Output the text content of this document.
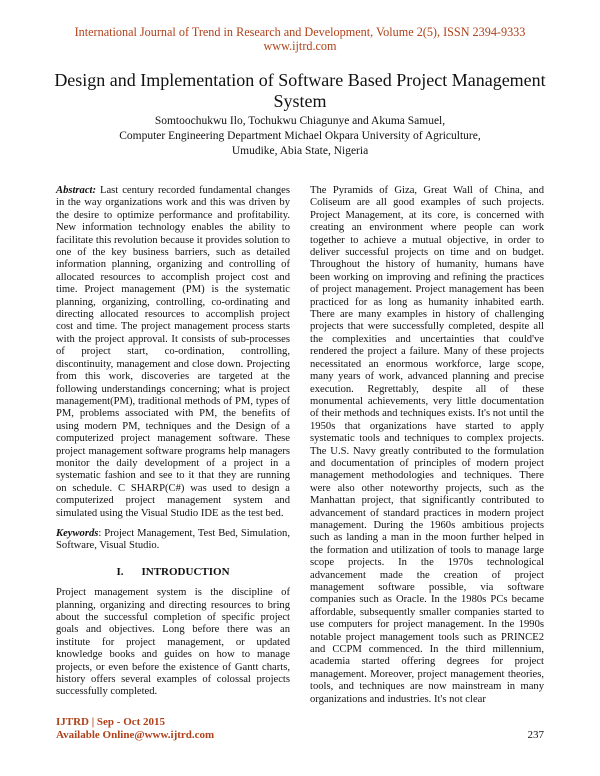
International Journal of Trend in Research and Development, Volume 2(5), ISSN 2394-9333
www.ijtrd.com
Design and Implementation of Software Based Project Management System
Somtoochukwu Ilo, Tochukwu Chiagunye and Akuma Samuel,
Computer Engineering Department Michael Okpara University of Agriculture,
Umudike, Abia State, Nigeria

Abstract: Last century recorded fundamental changes in the way organizations work and this was driven by the desire to optimize performance and profitability. New information technology enables the ability to facilitate this revolution because it provides solution to one of the key business barriers, such as detailed information planning, organizing and controlling of allocated resources to accomplish project cost and time. Project management (PM) is the systematic planning, organizing, controlling, co-ordinating and directing allocated resources to accomplish project cost and time. The project management process starts with the project approval. It consists of sub-processes of project start, co-ordination, controlling, discontinuity, management and close down. Projecting from this work, discoveries are targeted at the following understandings concerning; what is project management(PM), traditional methods of PM, types of PM, problems associated with PM, the benefits of using modern PM, techniques and the Design of a computerized project management software. These project management software programs help managers monitor the daily development of a project in a systematic fashion and see to it that they are running on schedule. C SHARP(C#) was used to design a computerized project management system and simulated using the Visual Studio IDE as the test bed.

Keywords: Project Management, Test Bed, Simulation, Software, Visual Studio.

I. INTRODUCTION

Project management system is the discipline of planning, organizing and directing resources to bring about the successful completion of specific project goals and objectives. Long before there was an institute for project management, or updated knowledge books and guides on how to manage projects, or even before the existence of Gantt charts, history offers several examples of colossal projects successfully completed.

The Pyramids of Giza, Great Wall of China, and Coliseum are all good examples of such projects. Project Management, at its core, is concerned with creating an environment where people can work together to achieve a mutual objective, in order to deliver successful projects on time and on budget. Throughout the history of humanity, humans have been working on improving and refining the practices of project management. Project management has been practiced for as long as humanity inhabited earth. There are many examples in history of challenging projects that were successfully completed, despite all the complexities and uncertainties that could've rendered the project a failure. Many of these projects necessitated an enormous workforce, large scope, many years of work, advanced planning and precise execution. Regrettably, despite all of these monumental achievements, very little documentation of their methods and techniques exists. It's not until the 1950s that organizations have started to apply systematic tools and techniques to complex projects. The U.S. Navy greatly contributed to the formulation and documentation of principles of modern project management methodologies and techniques. There were also other noteworthy projects, such as the Manhattan project, that significantly contributed to advancement of standard practices in modern project management. During the 1960s ambitious projects such as landing a man in the moon further helped in the formation and utilization of tools to manage large scope projects. In the 1970s technological advancement made the creation of project management software possible, via software companies such as Oracle. In the 1980s PCs became affordable, subsequently smaller companies started to use computers for project management. In the 1990s notable project management tools such as PRINCE2 and CCPM commenced. In the third millennium, academia started offering degrees for project management. Moreover, project management theories, tools, and techniques are now mainstream in many organizations and industries. It's not clear

IJTRD | Sep - Oct 2015
Available Online@www.ijtrd.com	237
